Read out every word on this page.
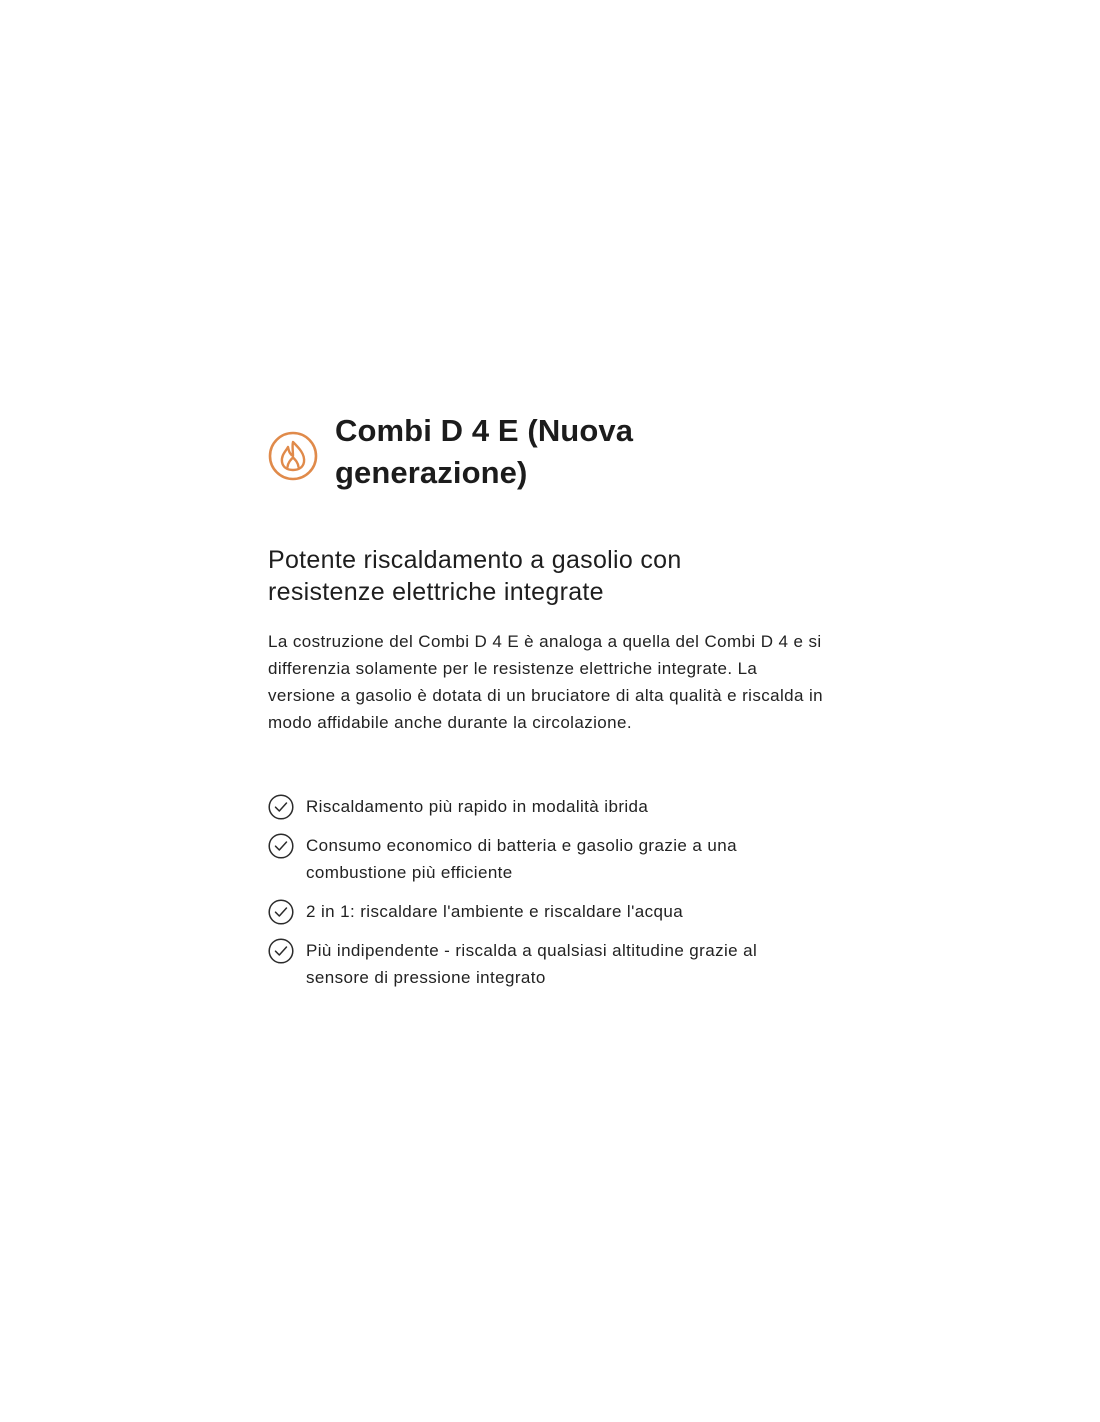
Combi D 4 E (Nuova generazione)
Potente riscaldamento a gasolio con resistenze elettriche integrate

La costruzione del Combi D 4 E è analoga a quella del Combi D 4 e si differenzia solamente per le resistenze elettriche integrate. La versione a gasolio è dotata di un bruciatore di alta qualità e riscalda in modo affidabile anche durante la circolazione.

Riscaldamento più rapido in modalità ibrida
Consumo economico di batteria e gasolio grazie a una combustione più efficiente
2 in 1: riscaldare l'ambiente e riscaldare l'acqua
Più indipendente - riscalda a qualsiasi altitudine grazie al sensore di pressione integrato
